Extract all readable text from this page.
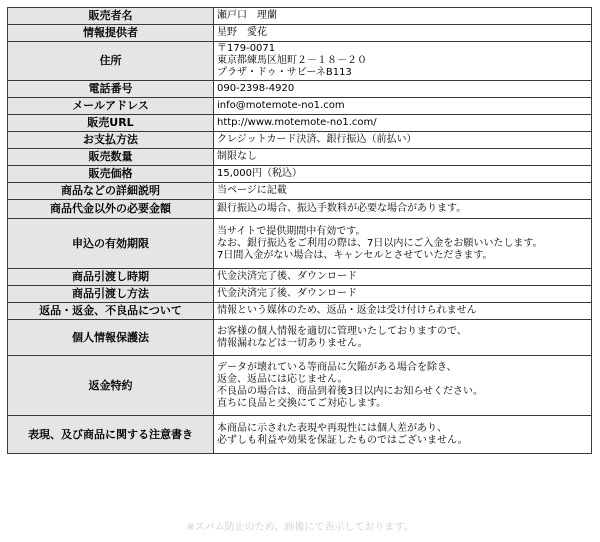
販売者名	瀬戸口　理蘭

情報提供者	星野　愛花

住所	〒179-0071
東京都練馬区旭町２－１８－２０
プラザ・ドゥ・サビーネB113

電話番号	090-2398-4920

メールアドレス	info@motemote-no1.com

販売URL	http://www.motemote-no1.com/

お支払方法	クレジットカード決済、銀行振込（前払い）

販売数量	制限なし

販売価格	15,000円（税込）

商品などの詳細説明	当ページに記載

商品代金以外の必要金額	銀行振込の場合、振込手数料が必要な場合があります。

申込の有効期限	当サイトで提供期間中有効です。
なお、銀行振込をご利用の際は、7日以内にご入金をお願いいたします。
7日間入金がない場合は、キャンセルとさせていただきます。

商品引渡し時期	代金決済完了後、ダウンロード

商品引渡し方法	代金決済完了後、ダウンロード

返品・返金、不良品について	情報という媒体のため、返品・返金は受け付けられません

個人情報保護法	お客様の個人情報を適切に管理いたしておりますので、
情報漏れなどは一切ありません。

返金特約	データが壊れている等商品に欠陥がある場合を除き、
返金、返品には応じません。
不良品の場合は、商品到着後3日以内にお知らせください。
直ちに良品と交換にてご対応します。

表現、及び商品に関する注意書き	本商品に示された表現や再現性には個人差があり、
必ずしも利益や効果を保証したものではございません。
※スパム防止のため、画像にて表示しております。
